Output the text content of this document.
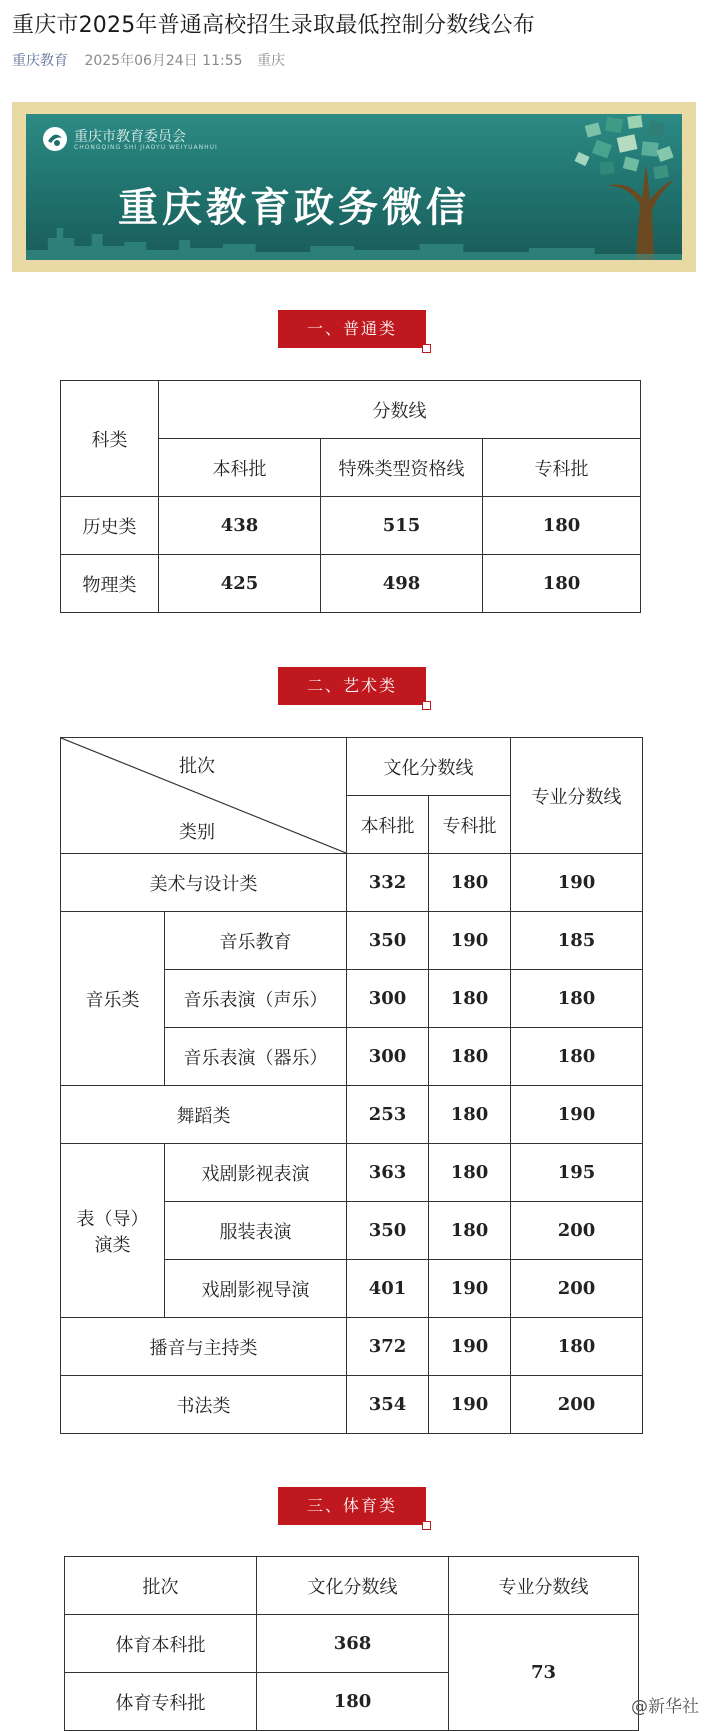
重庆市2025年普通高校招生录取最低控制分数线公布
重庆教育 2025年06月24日 11:55 重庆
重庆市教育委员会
CHONGQING SHI JIAOYU WEIYUANHUI
重庆教育政务微信
一、普通类
科类	分数线		
	本科批	特殊类型资格线	专科批
历史类	438	515	180
物理类	425	498	180
二、艺术类
批次
类别		文化分数线		专业分数线
		本科批	专科批	
美术与设计类		332	180	190
音乐类	音乐教育	350	190	185
	音乐表演（声乐）	300	180	180
	音乐表演（器乐）	300	180	180
舞蹈类		253	180	190

表（导）
演类	戏剧影视表演	363	180	195
	服装表演	350	180	200
	戏剧影视导演	401	190	200
播音与主持类		372	190	180
书法类		354	190	200
三、体育类
批次	文化分数线	专业分数线
体育本科批	368	73
体育专科批	180		@新华社
